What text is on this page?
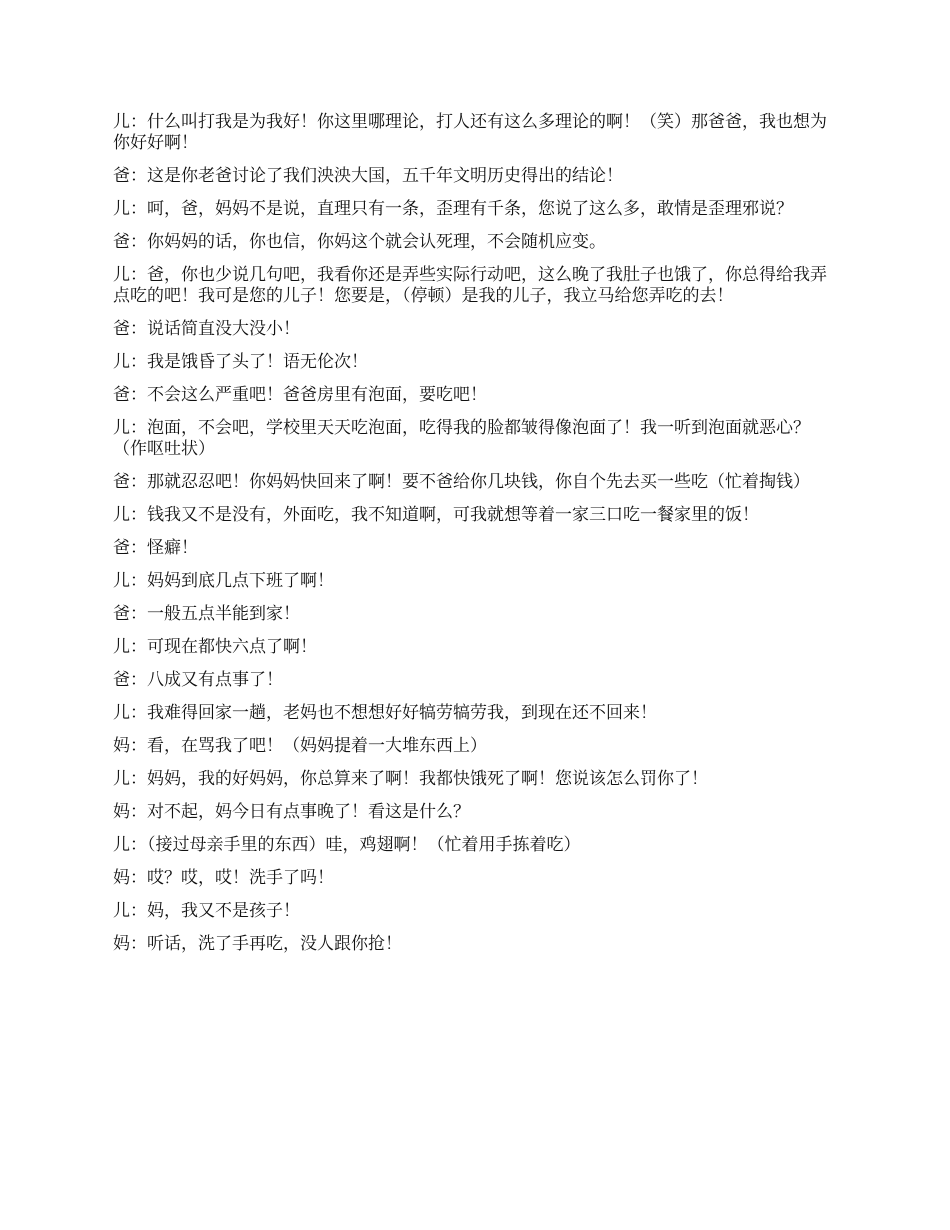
儿：什么叫打我是为我好！你这里哪理论，打人还有这么多理论的啊！（笑）那爸爸，我也想为你好好啊！

爸：这是你老爸讨论了我们泱泱大国，五千年文明历史得出的结论！

儿：呵，爸，妈妈不是说，直理只有一条，歪理有千条，您说了这么多，敢情是歪理邪说？

爸：你妈妈的话，你也信，你妈这个就会认死理，不会随机应变。

儿：爸，你也少说几句吧，我看你还是弄些实际行动吧，这么晚了我肚子也饿了，你总得给我弄点吃的吧！我可是您的儿子！您要是，（停顿）是我的儿子，我立马给您弄吃的去！

爸：说话简直没大没小！

儿：我是饿昏了头了！语无伦次！

爸：不会这么严重吧！爸爸房里有泡面，要吃吧！

儿：泡面，不会吧，学校里天天吃泡面，吃得我的脸都皱得像泡面了！我一听到泡面就恶心？（作呕吐状）

爸：那就忍忍吧！你妈妈快回来了啊！要不爸给你几块钱，你自个先去买一些吃（忙着掏钱）

儿：钱我又不是没有，外面吃，我不知道啊，可我就想等着一家三口吃一餐家里的饭！

爸：怪癖！

儿：妈妈到底几点下班了啊！

爸：一般五点半能到家！

儿：可现在都快六点了啊！

爸：八成又有点事了！

儿：我难得回家一趟，老妈也不想想好好犒劳犒劳我，到现在还不回来！

妈：看，在骂我了吧！（妈妈提着一大堆东西上）

儿：妈妈，我的好妈妈，你总算来了啊！我都快饿死了啊！您说该怎么罚你了！

妈：对不起，妈今日有点事晚了！看这是什么？

儿：（接过母亲手里的东西）哇，鸡翅啊！（忙着用手拣着吃）

妈：哎？哎，哎！洗手了吗！

儿：妈，我又不是孩子！

妈：听话，洗了手再吃，没人跟你抢！
